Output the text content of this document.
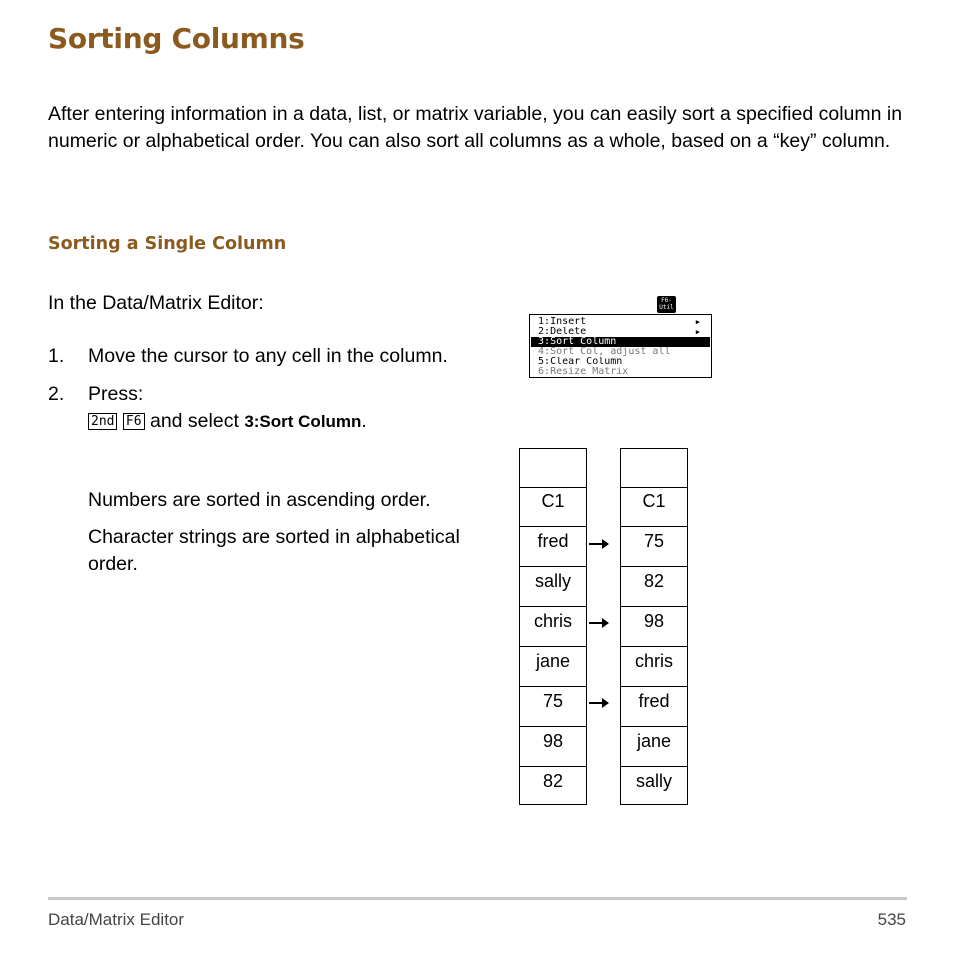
Sorting Columns
After entering information in a data, list, or matrix variable, you can easily sort a specified column in numeric or alphabetical order. You can also sort all columns as a whole, based on a “key” column.
Sorting a Single Column
In the Data/Matrix Editor:
1. Move the cursor to any cell in the column.
2. Press:
2nd F6 and select 3:Sort Column.
Numbers are sorted in ascending order.
Character strings are sorted in alphabetical order.
F6-
Util
1:Insert	▶
2:Delete	▶
3:Sort Column
4:Sort Col, adjust all
5:Clear Column
6:Resize Matrix
C1
fred
sally
chris
jane
75
98
82
C1
75
82
98
chris
fred
jane
sally
Data/Matrix Editor	535
